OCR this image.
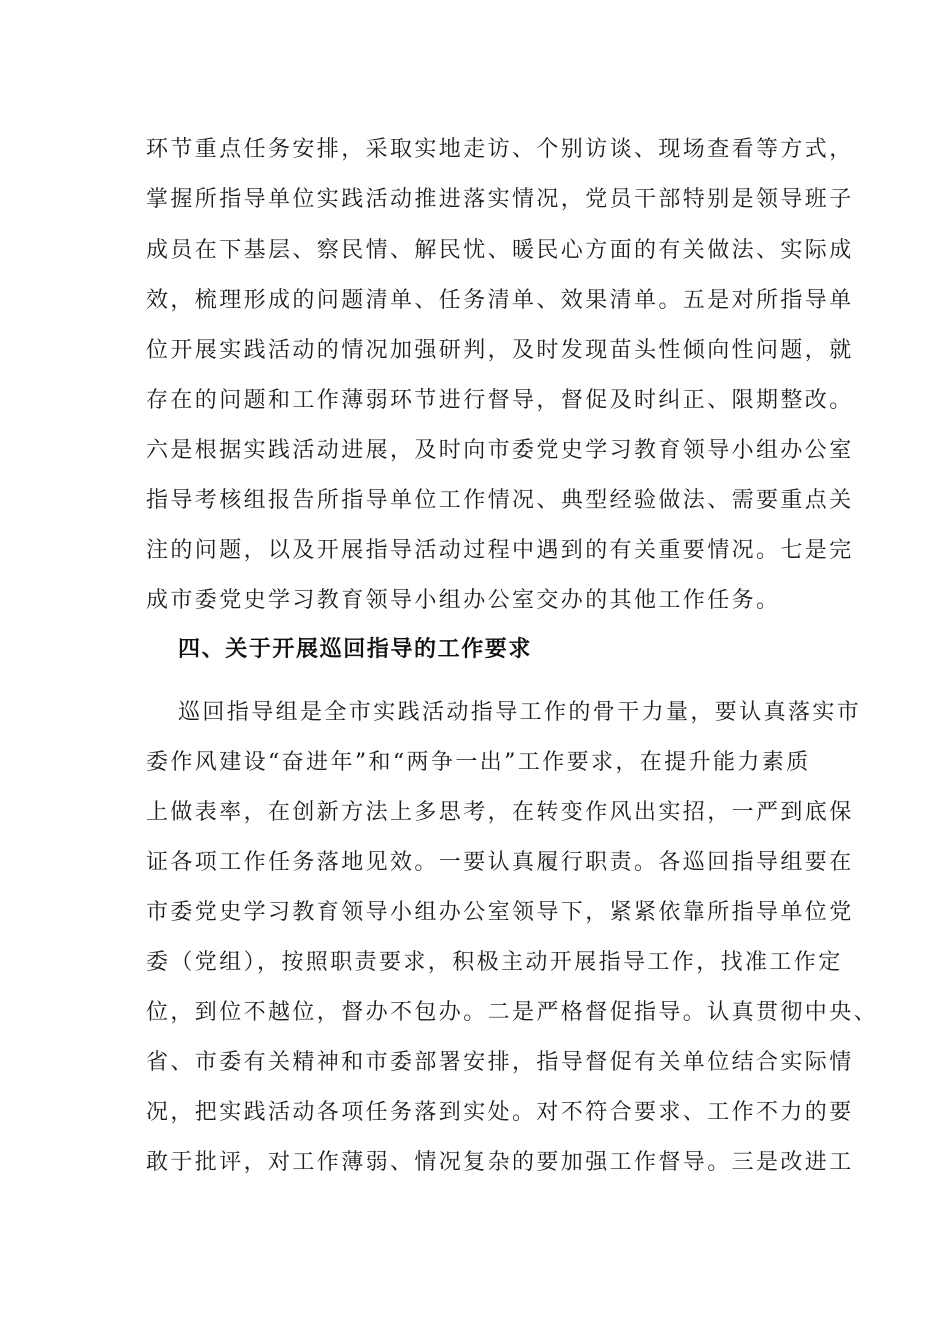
环节重点任务安排，采取实地走访、个别访谈、现场查看等方式，
掌握所指导单位实践活动推进落实情况，党员干部特别是领导班子
成员在下基层、察民情、解民忧、暖民心方面的有关做法、实际成
效，梳理形成的问题清单、任务清单、效果清单。五是对所指导单
位开展实践活动的情况加强研判，及时发现苗头性倾向性问题，就
存在的问题和工作薄弱环节进行督导，督促及时纠正、限期整改。
六是根据实践活动进展，及时向市委党史学习教育领导小组办公室
指导考核组报告所指导单位工作情况、典型经验做法、需要重点关
注的问题，以及开展指导活动过程中遇到的有关重要情况。七是完
成市委党史学习教育领导小组办公室交办的其他工作任务。
四、关于开展巡回指导的工作要求
巡回指导组是全市实践活动指导工作的骨干力量，要认真落实市
委作风建设“奋进年”和“两争一出”工作要求，在提升能力素质
上做表率，在创新方法上多思考，在转变作风出实招，一严到底保
证各项工作任务落地见效。一要认真履行职责。各巡回指导组要在
市委党史学习教育领导小组办公室领导下，紧紧依靠所指导单位党
委（党组），按照职责要求，积极主动开展指导工作，找准工作定
位，到位不越位，督办不包办。二是严格督促指导。认真贯彻中央、
省、市委有关精神和市委部署安排，指导督促有关单位结合实际情
况，把实践活动各项任务落到实处。对不符合要求、工作不力的要
敢于批评，对工作薄弱、情况复杂的要加强工作督导。三是改进工
